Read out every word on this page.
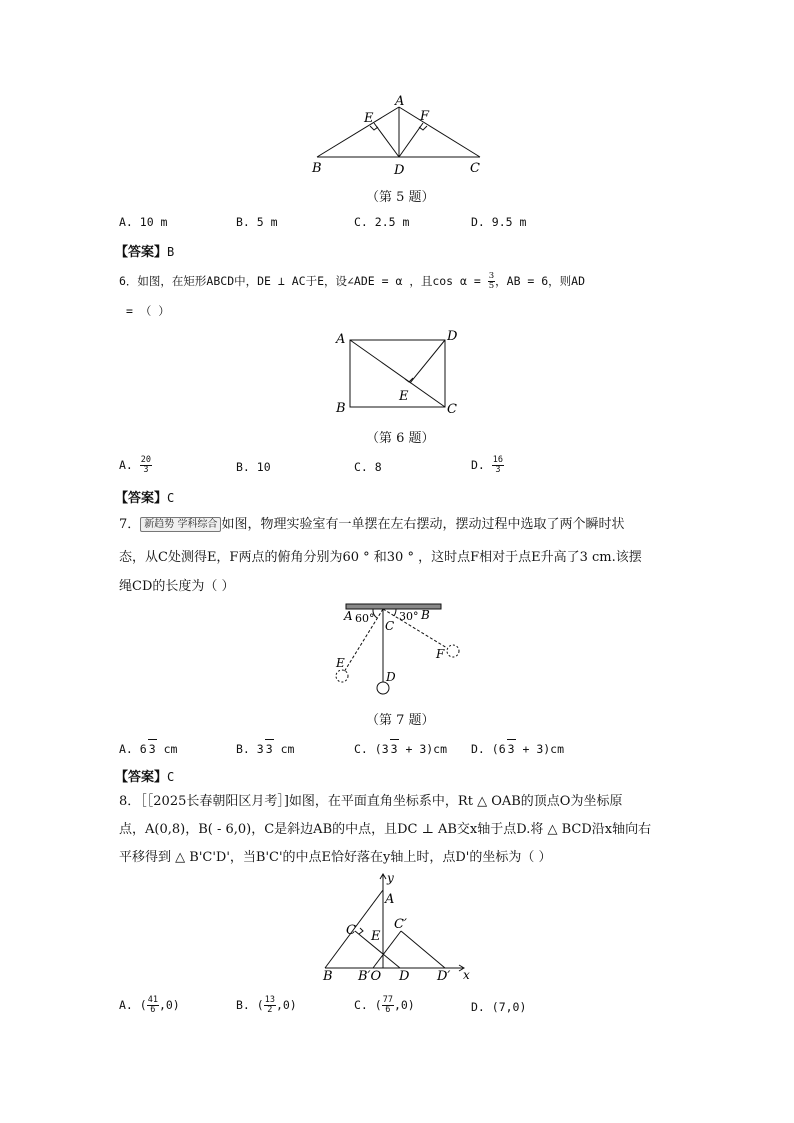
A
E	F
B	D	C
（第 5 题）
A. 10 m	B. 5 m	C. 2.5 m	D. 9.5 m
【答案】B
6．如图，在矩形ABCD中，DE ⊥ AC于E，设∠ADE = α ，且$\cos \alpha = \frac{3}{5}$ ，AB = 6，则AD
= （ ）
A	D
B	C
E
（第 6 题）
A. $\frac{20}{3}$	B. 10	C. 8	D. $\frac{16}{3}$
【答案】C
7． 新趋势 学科综合 如图，物理实验室有一单摆在左右摆动，摆动过程中选取了两个瞬时状
态，从C处测得E，F两点的俯角分别为60 ° 和30 ° ，这时点F相对于点E升高了3 cm.该摆
绳CD的长度为（ ）
A 60° 30° B
C
E
F
D
（第 7 题）
A. 6 3 cm	B. 3 3 cm	C. (3 3 + 3)cm D. (6 3 + 3)cm
【答案】C
8．［［2025长春朝阳区月考］]如图，在平面直角坐标系中，Rt △ OAB的顶点O为坐标原
点，A(0,8)，B( - 6,0)，C是斜边AB的中点，且DC ⊥ AB交x轴于点D.将 △ BCD沿x轴向右
平移得到 △ B'C'D'，当B'C'的中点E恰好落在y轴上时，点D'的坐标为（ ）
y
A
C	C′
E
B B′O D D′ x
A. ( $\frac{41}{6} ,0$)	B. ( $\frac{13}{2} ,0$)	C. ( $\frac{77}{6} ,0$)	D. (7,0)
